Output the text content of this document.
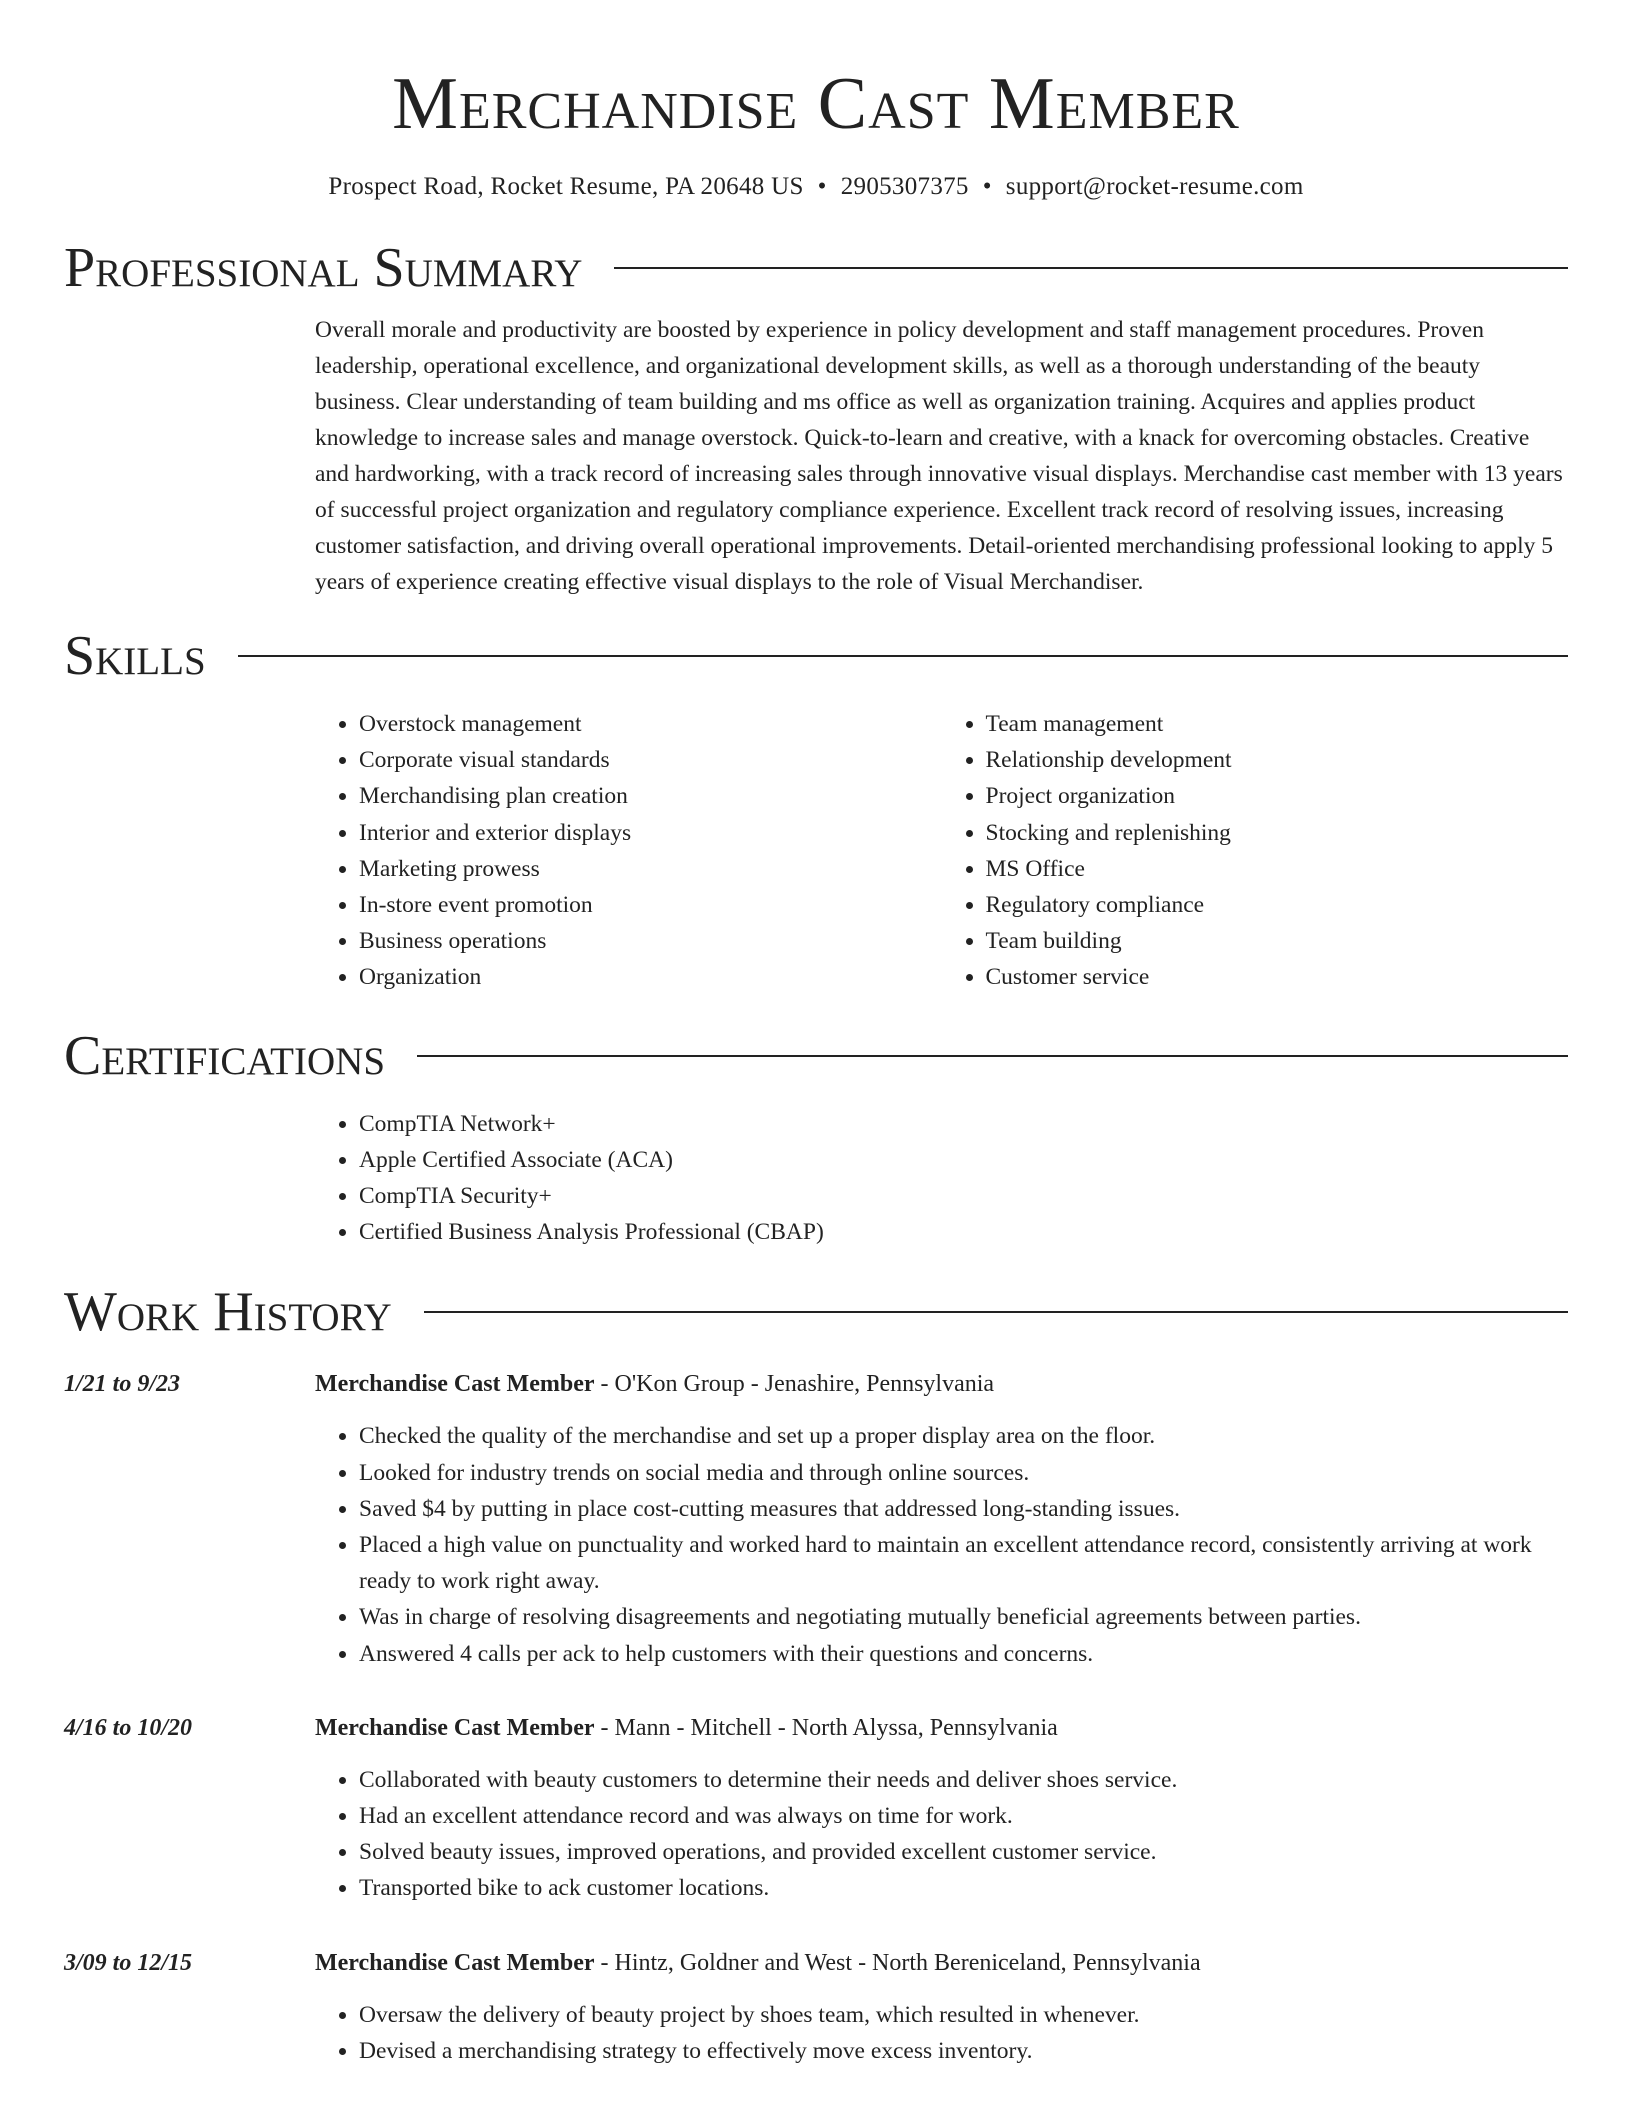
Merchandise Cast Member
Prospect Road, Rocket Resume, PA 20648 US • 2905307375 • support@rocket-resume.com
Professional Summary
Overall morale and productivity are boosted by experience in policy development and staff management procedures. Proven leadership, operational excellence, and organizational development skills, as well as a thorough understanding of the beauty business. Clear understanding of team building and ms office as well as organization training. Acquires and applies product knowledge to increase sales and manage overstock. Quick-to-learn and creative, with a knack for overcoming obstacles. Creative and hardworking, with a track record of increasing sales through innovative visual displays. Merchandise cast member with 13 years of successful project organization and regulatory compliance experience. Excellent track record of resolving issues, increasing customer satisfaction, and driving overall operational improvements. Detail-oriented merchandising professional looking to apply 5 years of experience creating effective visual displays to the role of Visual Merchandiser.
Skills
• Overstock management
• Corporate visual standards
• Merchandising plan creation
• Interior and exterior displays
• Marketing prowess
• In-store event promotion
• Business operations
• Organization
• Team management
• Relationship development
• Project organization
• Stocking and replenishing
• MS Office
• Regulatory compliance
• Team building
• Customer service
Certifications
• CompTIA Network+
• Apple Certified Associate (ACA)
• CompTIA Security+
• Certified Business Analysis Professional (CBAP)
Work History
1/21 to 9/23	Merchandise Cast Member - O'Kon Group - Jenashire, Pennsylvania
• Checked the quality of the merchandise and set up a proper display area on the floor.
• Looked for industry trends on social media and through online sources.
• Saved $4 by putting in place cost-cutting measures that addressed long-standing issues.
• Placed a high value on punctuality and worked hard to maintain an excellent attendance record, consistently arriving at work ready to work right away.
• Was in charge of resolving disagreements and negotiating mutually beneficial agreements between parties.
• Answered 4 calls per ack to help customers with their questions and concerns.
4/16 to 10/20	Merchandise Cast Member - Mann - Mitchell - North Alyssa, Pennsylvania
• Collaborated with beauty customers to determine their needs and deliver shoes service.
• Had an excellent attendance record and was always on time for work.
• Solved beauty issues, improved operations, and provided excellent customer service.
• Transported bike to ack customer locations.
3/09 to 12/15	Merchandise Cast Member - Hintz, Goldner and West - North Bereniceland, Pennsylvania
• Oversaw the delivery of beauty project by shoes team, which resulted in whenever.
• Devised a merchandising strategy to effectively move excess inventory.
